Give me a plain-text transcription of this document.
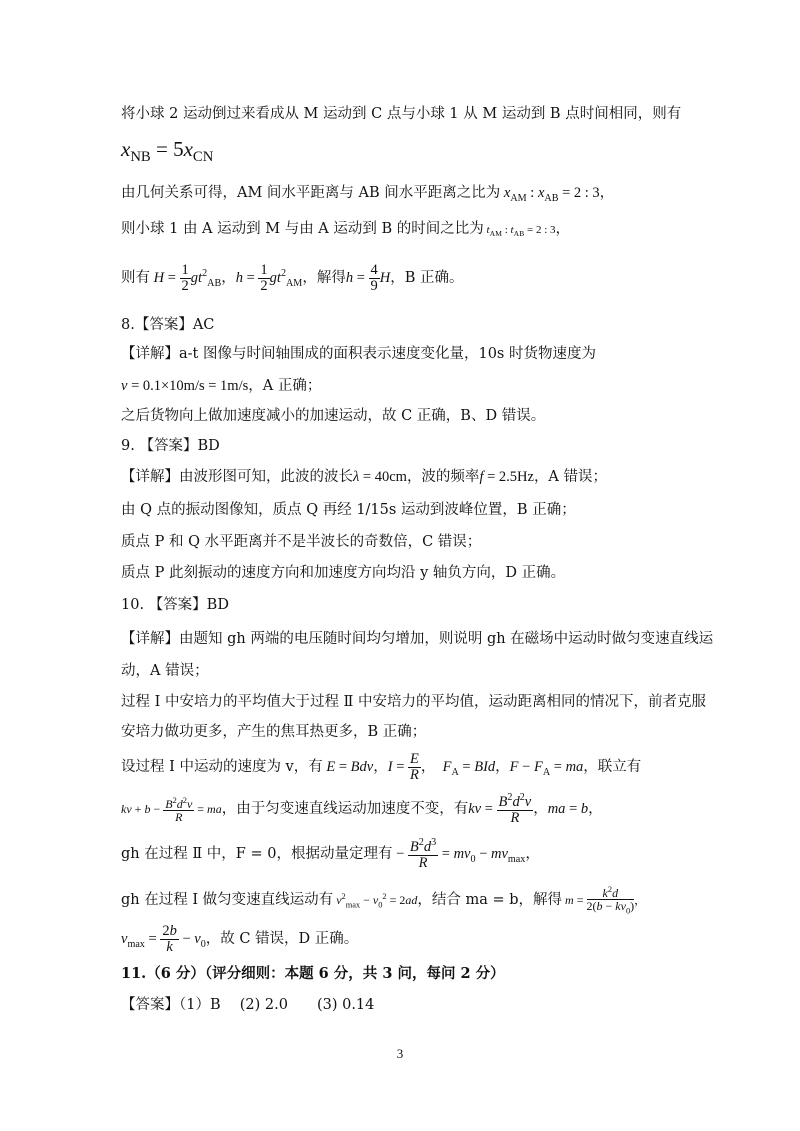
将小球 2 运动倒过来看成从 M 运动到 C 点与小球 1 从 M 运动到 B 点时间相同，则有
$x_{NB} = 5x_{CN}$
由几何关系可得，AM 间水平距离与 AB 间水平距离之比为 $x_{AM}$ : $x_{AB} = 2$ : 3，
则小球 1 由 A 运动到 M 与由 A 运动到 B 的时间之比为 $t_{AM}$ : $t_{AB} = 2$ : 3，
则有 $H = \frac{1}{2} gt^2_{AB}$，$h = \frac{1}{2} gt^2_{AM}$，解得$h = \frac{4}{9}$ H，B 正确。
8.【答案】AC
【详解】a-t 图像与时间轴围成的面积表示速度变化量，10s 时货物速度为
v = 0.1×10m/s = 1m/s，A 正确；
之后货物向上做加速度减小的加速运动，故 C 正确，B、D 错误。
9. 【答案】BD
【详解】由波形图可知，此波的波长λ = 40cm，波的频率f = 2.5Hz，A 错误；
由 Q 点的振动图像知，质点 Q 再经 1/15s 运动到波峰位置，B 正确；
质点 P 和 Q 水平距离并不是半波长的奇数倍，C 错误；
质点 P 此刻振动的速度方向和加速度方向均沿 y 轴负方向，D 正确。
10. 【答案】BD
【详解】由题知 gh 两端的电压随时间均匀增加，则说明 gh 在磁场中运动时做匀变速直线运
动，A 错误；
过程 Ⅰ 中安培力的平均值大于过程 Ⅱ 中安培力的平均值，运动距离相同的情况下，前者克服
安培力做功更多，产生的焦耳热更多，B 正确；
设过程 Ⅰ 中运动的速度为 v，有 E = Bdv，$I = \frac{E}{R}$ ，　$F_A$ = BId，$F - F_A$ = ma，联立有
kv + $b - \frac{B^2d^2v}{R}$ = ma，由于匀变速直线运动加速度不变，有kv = $\frac{B^2d^2v}{R}$ ，ma = b，
gh 在过程 Ⅱ 中，F = 0，根据动量定理有 − $\frac{B^2d^3}{R} = mv_0 - mv_{max}$，
gh 在过程 Ⅰ 做匀变速直线运动有 $v^2_{max} - v_0^2 = 2ad$，结合 ma = b，解得 $m = \frac{k^2d}{2(b - kv_0)}$ ，
$v_{max} = \frac{2b}{k} - v_0$，故 C 错误，D 正确。
11.（6 分）（评分细则：本题 6 分，共 3 问，每问 2 分）
【答案】（1）B　 (2) 2.0　　(3) 0.14
3
